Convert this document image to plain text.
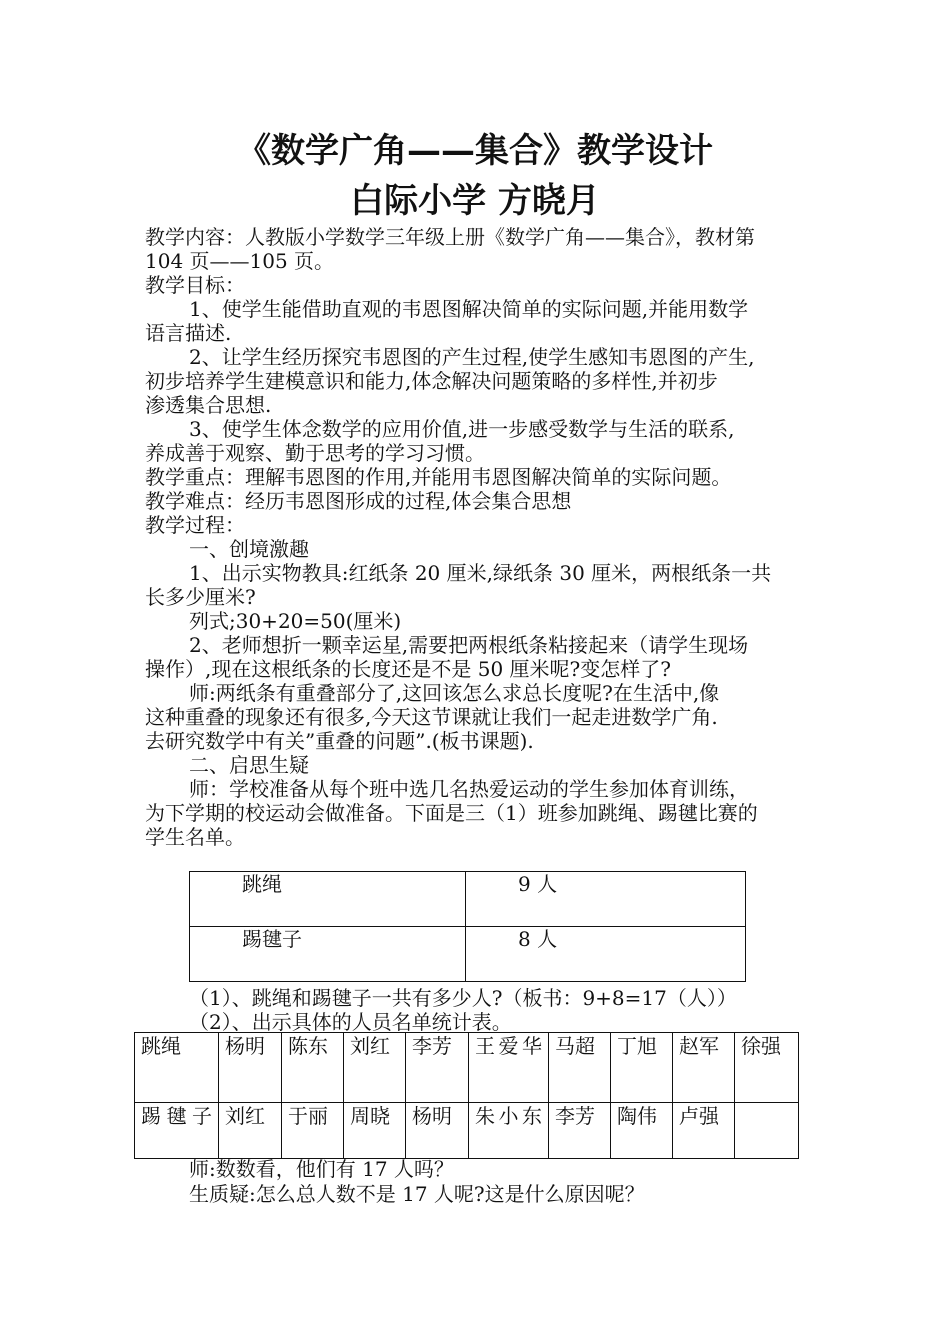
《数学广角——集合》教学设计
白际小学 方晓月
教学内容：人教版小学数学三年级上册《数学广角——集合》，教材第
104 页——105 页。
教学目标：
1、使学生能借助直观的韦恩图解决简单的实际问题,并能用数学
语言描述.
2、让学生经历探究韦恩图的产生过程,使学生感知韦恩图的产生,
初步培养学生建模意识和能力,体念解决问题策略的多样性,并初步
渗透集合思想.
3、使学生体念数学的应用价值,进一步感受数学与生活的联系,
养成善于观察、勤于思考的学习习惯。
教学重点：理解韦恩图的作用,并能用韦恩图解决简单的实际问题。
教学难点：经历韦恩图形成的过程,体会集合思想
教学过程：
一、创境激趣
1、出示实物教具:红纸条 20 厘米,绿纸条 30 厘米，两根纸条一共
长多少厘米?
列式;30+20=50(厘米)
2、老师想折一颗幸运星,需要把两根纸条粘接起来（请学生现场
操作）,现在这根纸条的长度还是不是 50 厘米呢?变怎样了?
师:两纸条有重叠部分了,这回该怎么求总长度呢?在生活中,像
这种重叠的现象还有很多,今天这节课就让我们一起走进数学广角.
去研究数学中有关”重叠的问题”.(板书课题).
二、启思生疑
师：学校准备从每个班中选几名热爱运动的学生参加体育训练，
为下学期的校运动会做准备。下面是三（1）班参加跳绳、踢毽比赛的
学生名单。
跳绳	9 人
踢毽子	8 人
（1）、跳绳和踢毽子一共有多少人?（板书：9+8=17（人））
（2）、出示具体的人员名单统计表。
跳绳	杨明	陈东	刘红	李芳	王爱华	马超	丁旭	赵军	徐强
踢毽子	刘红	于丽	周晓	杨明	朱小东	李芳	陶伟	卢强	
师:数数看，他们有 17 人吗？
生质疑:怎么总人数不是 17 人呢?这是什么原因呢？
